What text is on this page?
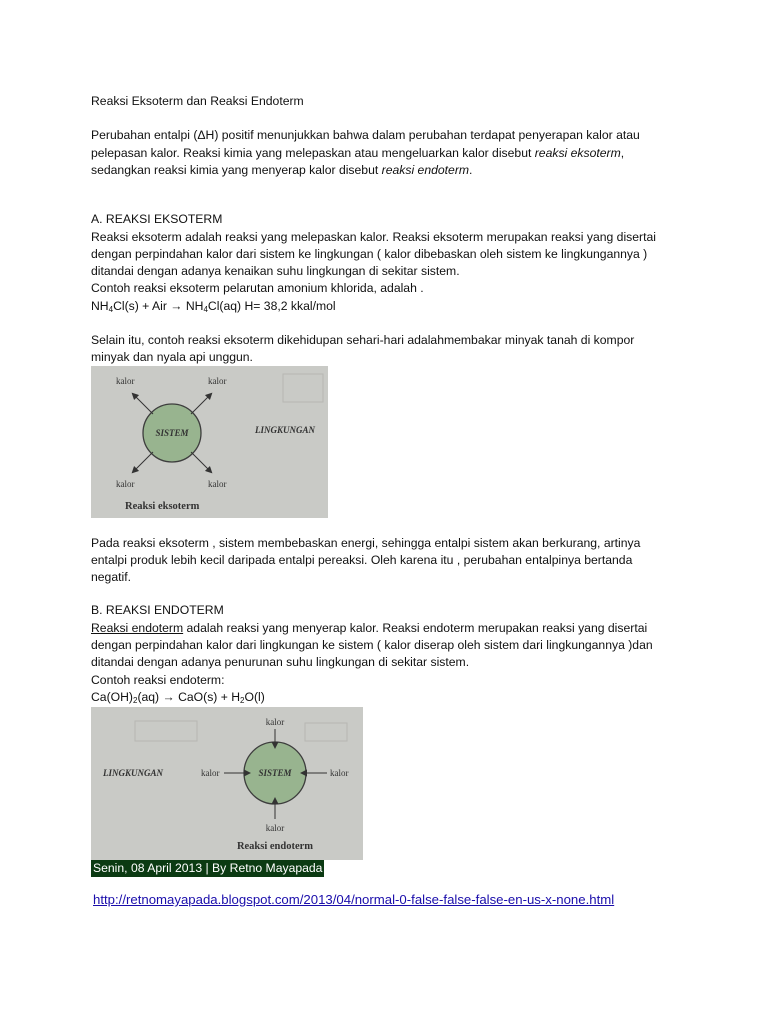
Reaksi Eksoterm dan Reaksi Endoterm
Perubahan entalpi (ΔH) positif menunjukkan bahwa dalam perubahan terdapat penyerapan kalor atau
pelepasan kalor. Reaksi kimia yang melepaskan atau mengeluarkan kalor disebut reaksi eksoterm,
sedangkan reaksi kimia yang menyerap kalor disebut reaksi endoterm.
A. REAKSI EKSOTERM
Reaksi eksoterm adalah reaksi yang melepaskan kalor. Reaksi eksoterm merupakan reaksi yang disertai
dengan perpindahan kalor dari sistem ke lingkungan ( kalor dibebaskan oleh sistem ke lingkungannya )
ditandai dengan adanya kenaikan suhu lingkungan di sekitar sistem.
Contoh reaksi eksoterm pelarutan amonium khlorida, adalah .
$NH_4Cl(s)$ + Air → $NH_4Cl(aq)$ H= 38,2 kkal/mol
Selain itu, contoh reaksi eksoterm dikehidupan sehari-hari adalahmembakar minyak tanah di kompor
minyak dan nyala api unggun.
kalor	kalor
kalor	kalor
SISTEM	LINGKUNGAN
Reaksi eksoterm
Pada reaksi eksoterm , sistem membebaskan energi, sehingga entalpi sistem akan berkurang, artinya
entalpi produk lebih kecil daripada entalpi pereaksi. Oleh karena itu , perubahan entalpinya bertanda
negatif.
B. REAKSI ENDOTERM
Reaksi endoterm adalah reaksi yang menyerap kalor. Reaksi endoterm merupakan reaksi yang disertai
dengan perpindahan kalor dari lingkungan ke sistem ( kalor diserap oleh sistem dari lingkungannya )dan
ditandai dengan adanya penurunan suhu lingkungan di sekitar sistem.
Contoh reaksi endoterm:
$Ca(OH)_2(aq) \to CaO(s) + H_2O(l)$
kalor
kalor	kalor
kalor
SISTEM
LINGKUNGAN
Reaksi endoterm
Senin, 08 April 2013 | By Retno Mayapada
http://retnomayapada.blogspot.com/2013/04/normal-0-false-false-false-en-us-x-none.html
